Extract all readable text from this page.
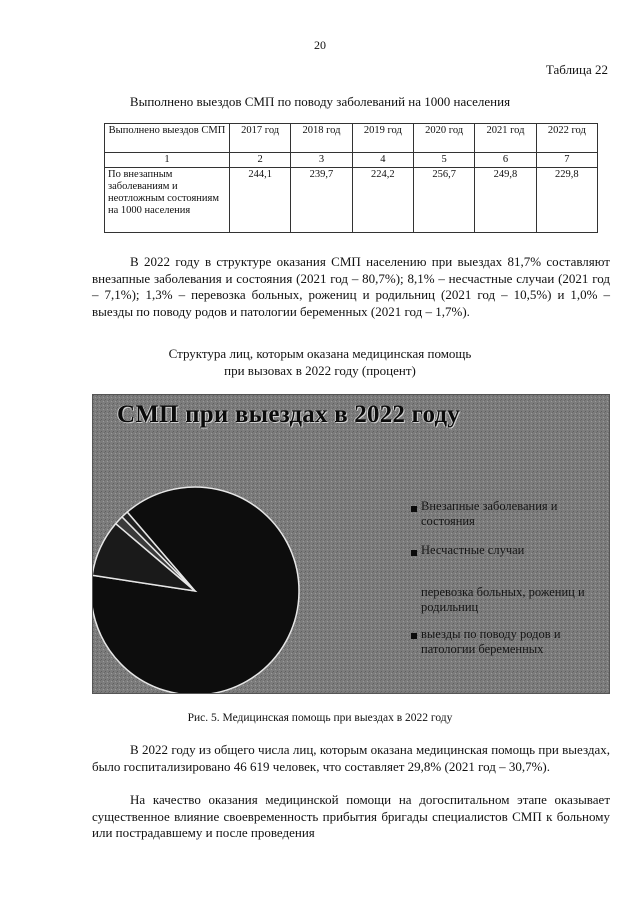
20
Таблица 22
Выполнено выездов СМП по поводу заболеваний на 1000 населения
Выполнено выездов СМП	2017 год	2018 год	2019 год	2020 год	2021 год	2022 год
1	2	3	4	5	6	7
По внезапным заболеваниям и неотложным состояниям на 1000 населения	244,1	239,7	224,2	256,7	249,8	229,8
В 2022 году в структуре оказания СМП населению при выездах 81,7% составляют внезапные заболевания и состояния (2021 год – 80,7%); 8,1% – несчастные случаи (2021 год – 7,1%); 1,3% – перевозка больных, рожениц и родильниц (2021 год – 10,5%) и 1,0% – выезды по поводу родов и патологии беременных (2021 год – 1,7%).
Структура лиц, которым оказана медицинская помощь
при вызовах в 2022 году (процент)
СМП при выездах в 2022 году
Внезапные заболевания и состояния
Несчастные случаи
перевозка больных, рожениц и родильниц
выезды по поводу родов и патологии беременных
Рис. 5. Медицинская помощь при выездах в 2022 году
В 2022 году из общего числа лиц, которым оказана медицинская помощь при выездах, было госпитализировано 46 619 человек, что составляет 29,8% (2021 год – 30,7%).
На качество оказания медицинской помощи на догоспитальном этапе оказывает существенное влияние своевременность прибытия бригады специалистов СМП к больному или пострадавшему и после проведения
